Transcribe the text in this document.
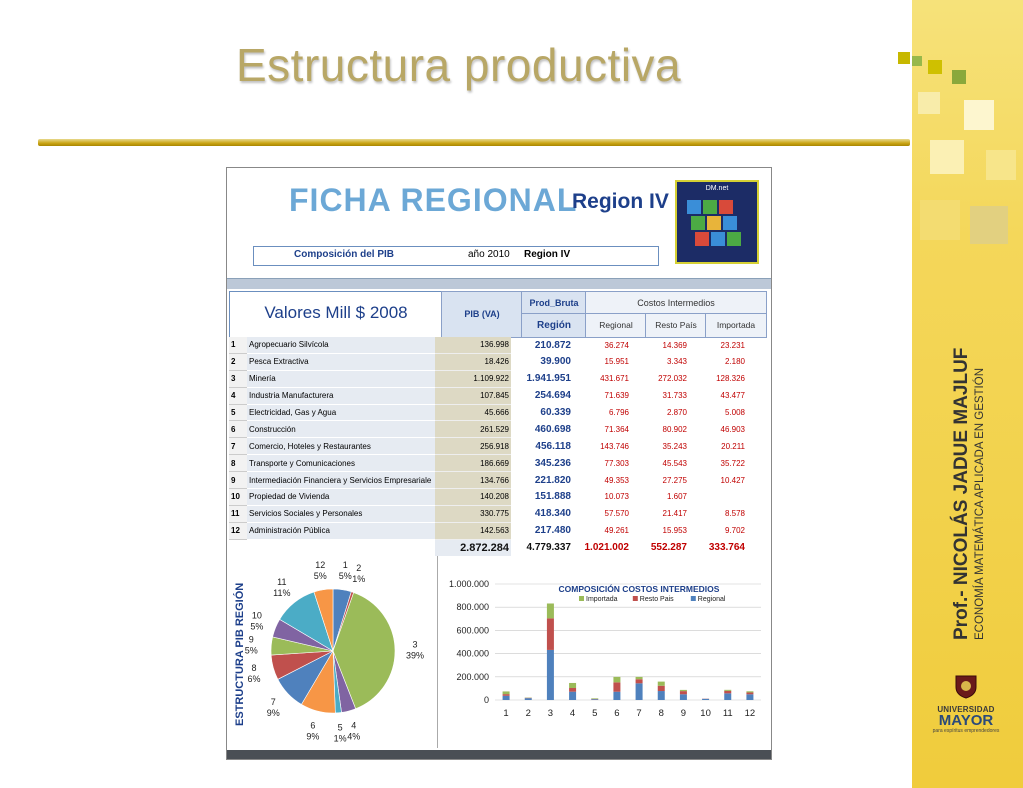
Estructura productiva
Prof.- NICOLÁS JADUE MAJLUF ECONOMÍA MATEMÁTICA APLICADA EN GESTIÓN
UNIVERSIDAD
MAYOR
para espíritus emprendedores
FICHA REGIONAL
Region IV
DM.net
Composición del PIB	año 2010 Region IV
Valores Mill $ 2008	PIB (VA)
Prod_Bruta
Región
Costos Intermedios
Regional	Resto País	Importada
1	Agropecuario Silvícola	136.998	210.872	36.274	14.369	23.231
2	Pesca Extractiva	18.426	39.900	15.951	3.343	2.180
3	Minería	1.109.922	1.941.951	431.671	272.032	128.326
4	Industria Manufacturera	107.845	254.694	71.639	31.733	43.477
5	Electricidad, Gas y Agua	45.666	60.339	6.796	2.870	5.008
6	Construcción	261.529	460.698	71.364	80.902	46.903
7	Comercio, Hoteles y Restaurantes	256.918	456.118	143.746	35.243	20.211
8	Transporte y Comunicaciones	186.669	345.236	77.303	45.543	35.722
9	Intermediación Financiera y Servicios Empresariale	134.766	221.820	49.353	27.275	10.427
10	Propiedad de Vivienda	140.208	151.888	10.073	1.607	
11	Servicios Sociales y Personales	330.775	418.340	57.570	21.417	8.578
12	Administración Pública	142.563	217.480	49.261	15.953	9.702
		2.872.284	4.779.337	1.021.002	552.287	333.764
ESTRUCTURA PIB REGIÓN
1
5%
2
1%
3
39%
4
4%
5
1%
6
9%
7
9%
8
6%
9
5%
10
5%
11
11%
12
5%
COMPOSICIÓN COSTOS INTERMEDIOS
Importada	Resto Pais	Regional
0
200.000
400.000
600.000
800.000
1.000.000
1 2 3 4 5 6 7 8 9 10 11 12
